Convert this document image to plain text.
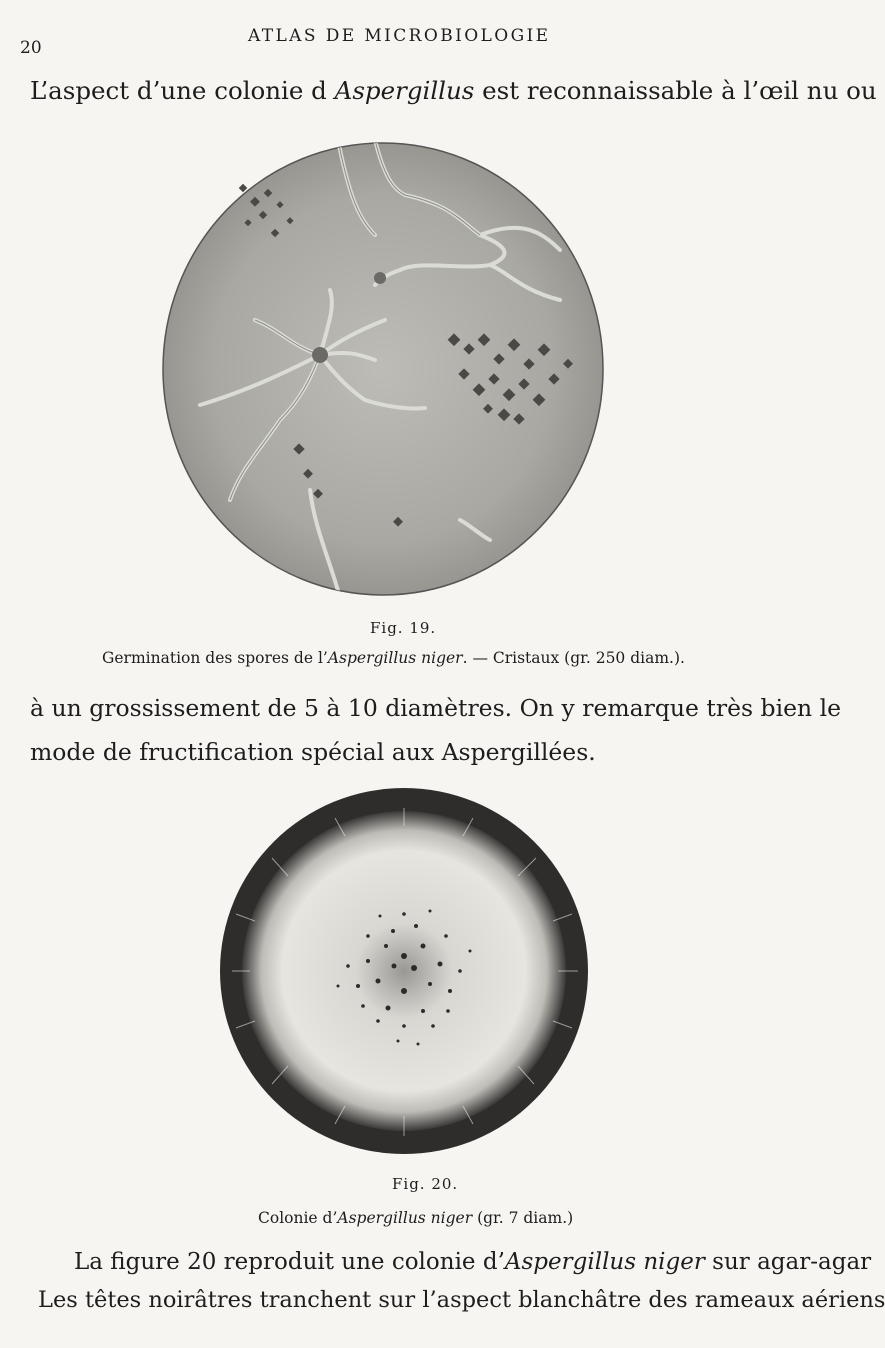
20
ATLAS DE MICROBIOLOGIE
L’aspect d’une colonie d Aspergillus est reconnaissable à l’œil nu ou
Fig. 19.
Germination des spores de l’Aspergillus niger. — Cristaux (gr. 250 diam.).
à un grossissement de 5 à 10 diamètres. On y remarque très bien le
mode de fructification spécial aux Aspergillées.
Fig. 20.
Colonie d’Aspergillus niger (gr. 7 diam.)
La figure 20 reproduit une colonie d’Aspergillus niger sur agar-agar
Les têtes noirâtres tranchent sur l’aspect blanchâtre des rameaux aériens
